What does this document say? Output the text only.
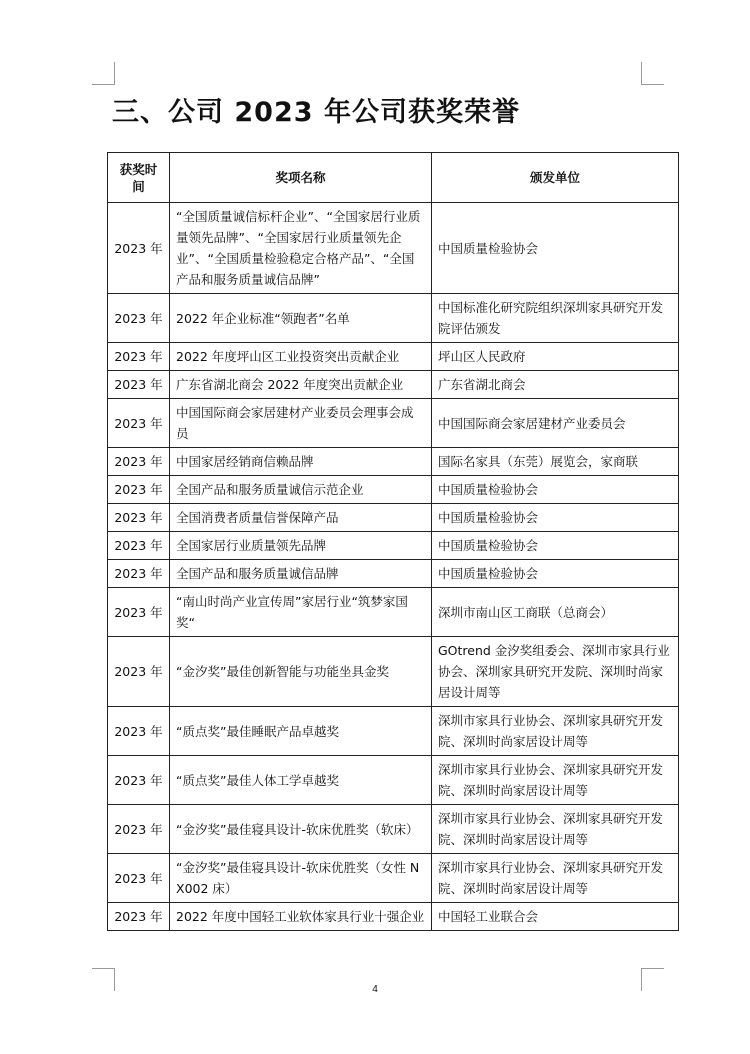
三、公司 2023 年公司获奖荣誉
获奖时间	奖项名称	颁发单位
2023 年	“全国质量诚信标杆企业”、“全国家居行业质量领先品牌”、“全国家居行业质量领先企业”、“全国质量检验稳定合格产品”、“全国产品和服务质量诚信品牌”	中国质量检验协会
2023 年	2022 年企业标准“领跑者”名单	中国标准化研究院组织深圳家具研究开发院评估颁发
2023 年	2022 年度坪山区工业投资突出贡献企业	坪山区人民政府
2023 年	广东省湖北商会 2022 年度突出贡献企业	广东省湖北商会
2023 年	中国国际商会家居建材产业委员会理事会成员	中国国际商会家居建材产业委员会
2023 年	中国家居经销商信赖品牌	国际名家具（东莞）展览会，家商联
2023 年	全国产品和服务质量诚信示范企业	中国质量检验协会
2023 年	全国消费者质量信誉保障产品	中国质量检验协会
2023 年	全国家居行业质量领先品牌	中国质量检验协会
2023 年	全国产品和服务质量诚信品牌	中国质量检验协会
2023 年	“南山时尚产业宣传周”家居行业“筑梦家国奖“	深圳市南山区工商联（总商会）
2023 年	“金汐奖”最佳创新智能与功能坐具金奖	GOtrend 金汐奖组委会、深圳市家具行业协会、深圳家具研究开发院、深圳时尚家居设计周等
2023 年	“质点奖”最佳睡眠产品卓越奖	深圳市家具行业协会、深圳家具研究开发院、深圳时尚家居设计周等
2023 年	“质点奖”最佳人体工学卓越奖	深圳市家具行业协会、深圳家具研究开发院、深圳时尚家居设计周等
2023 年	“金汐奖”最佳寝具设计-软床优胜奖（软床）	深圳市家具行业协会、深圳家具研究开发院、深圳时尚家居设计周等
2023 年	“金汐奖”最佳寝具设计-软床优胜奖（女性 NX002 床）	深圳市家具行业协会、深圳家具研究开发院、深圳时尚家居设计周等
2023 年	2022 年度中国轻工业软体家具行业十强企业	中国轻工业联合会
4
